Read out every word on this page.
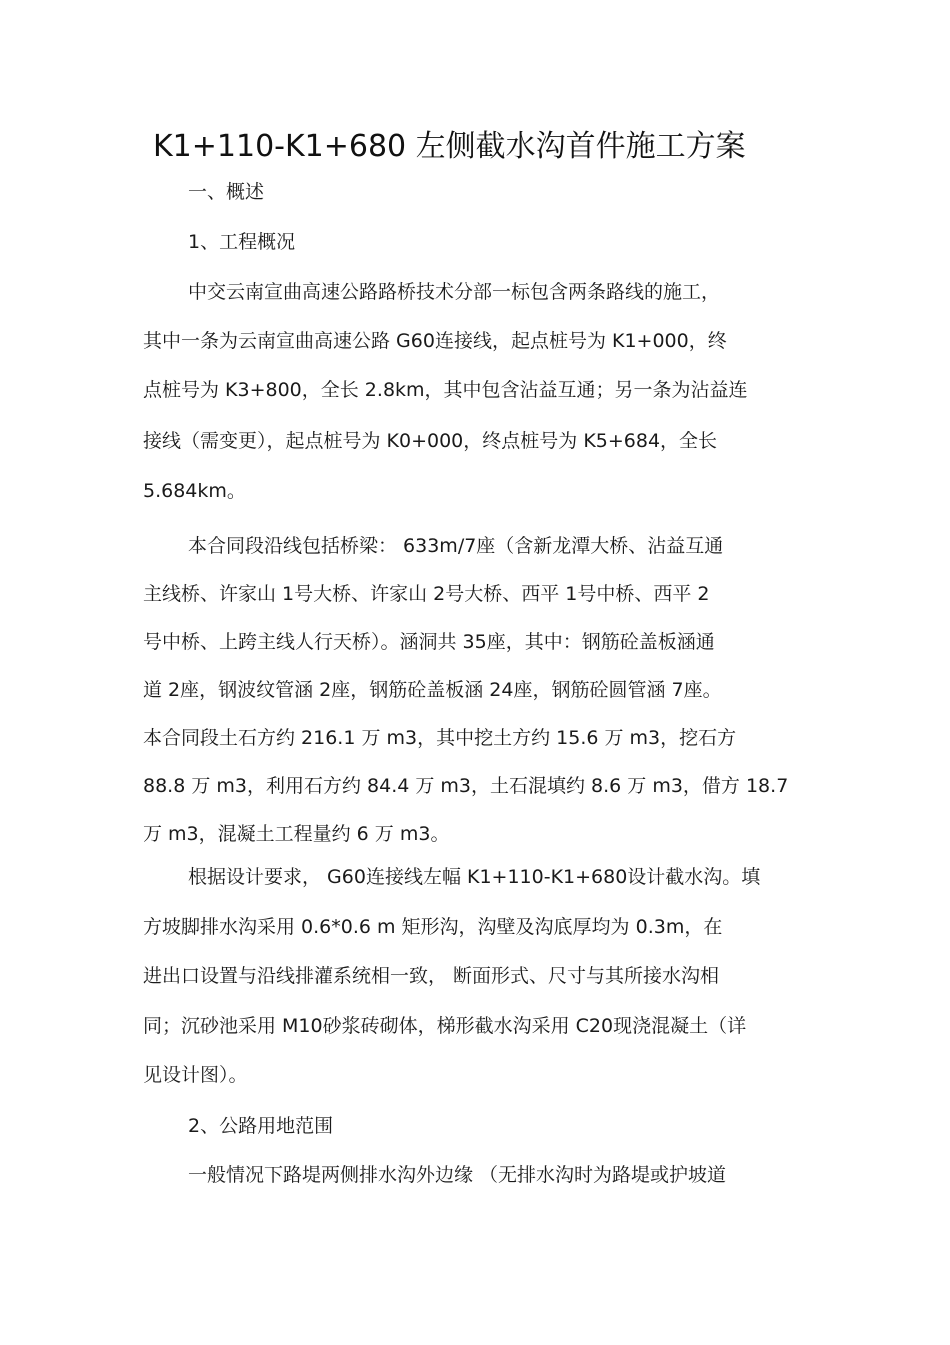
K1+110-K1+680 左侧截水沟首件施工方案
一、概述
1、工程概况
中交云南宣曲高速公路路桥技术分部一标包含两条路线的施工，
其中一条为云南宣曲高速公路 G60连接线，起点桩号为 K1+000，终
点桩号为 K3+800，全长 2.8km，其中包含沾益互通；另一条为沾益连
接线（需变更），起点桩号为 K0+000，终点桩号为 K5+684，全长
5.684km。
本合同段沿线包括桥梁： 633m/7座（含新龙潭大桥、沾益互通
主线桥、许家山 1号大桥、许家山 2号大桥、西平 1号中桥、西平 2
号中桥、上跨主线人行天桥）。涵洞共 35座，其中：钢筋砼盖板涵通
道 2座，钢波纹管涵 2座，钢筋砼盖板涵 24座，钢筋砼圆管涵 7座。
本合同段土石方约 216.1 万 m3，其中挖土方约 15.6 万 m3，挖石方
88.8 万 m3，利用石方约 84.4 万 m3，土石混填约 8.6 万 m3，借方 18.7
万 m3，混凝土工程量约 6 万 m3。
根据设计要求， G60连接线左幅 K1+110-K1+680设计截水沟。填
方坡脚排水沟采用 0.6*0.6 m 矩形沟，沟壁及沟底厚均为 0.3m，在
进出口设置与沿线排灌系统相一致， 断面形式、尺寸与其所接水沟相
同；沉砂池采用 M10砂浆砖砌体，梯形截水沟采用 C20现浇混凝土（详
见设计图）。
2、公路用地范围
一般情况下路堤两侧排水沟外边缘 （无排水沟时为路堤或护坡道
